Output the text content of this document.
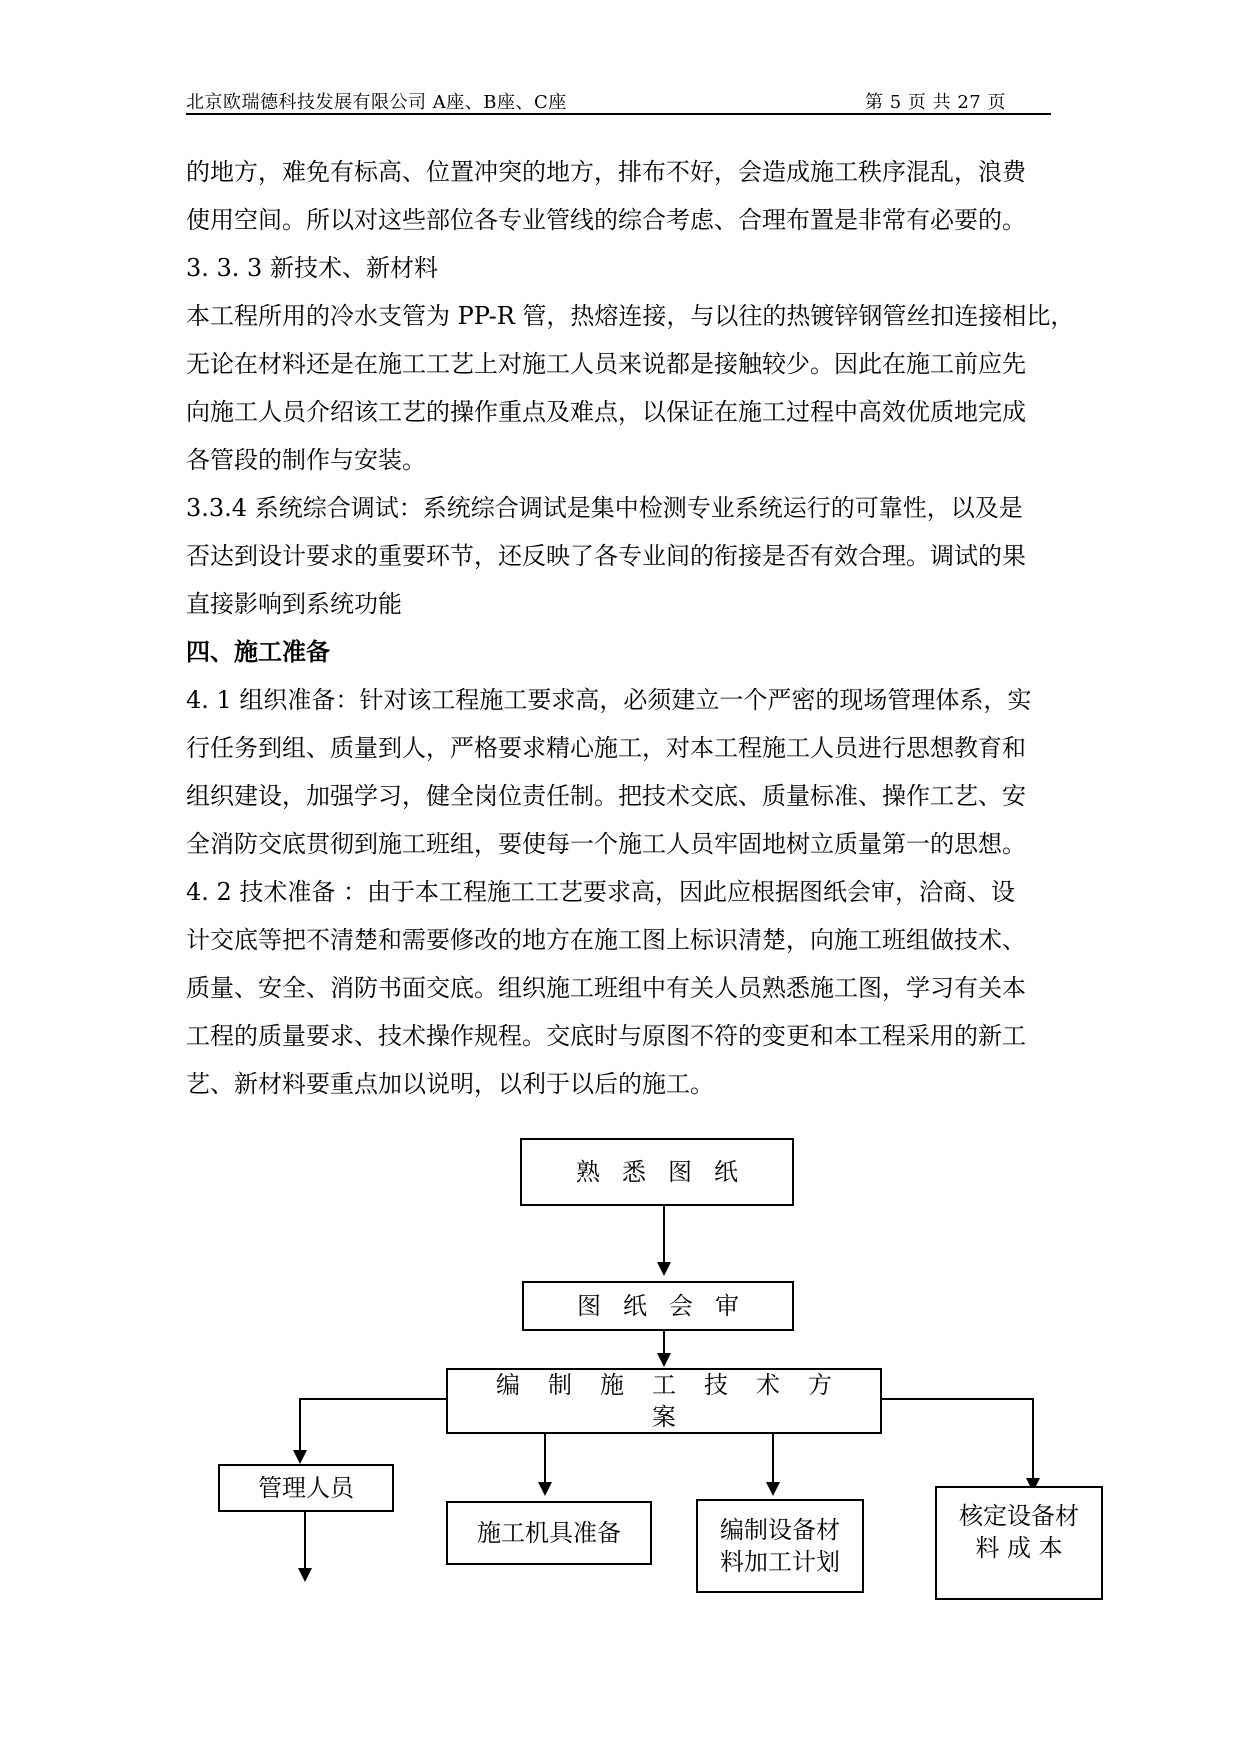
北京欧瑞德科技发展有限公司 A座、B座、C座	第 5 页 共 27 页
的地方，难免有标高、位置冲突的地方，排布不好，会造成施工秩序混乱，浪费
使用空间。所以对这些部位各专业管线的综合考虑、合理布置是非常有必要的。
3. 3. 3 新技术、新材料
本工程所用的冷水支管为 PP-R 管，热熔连接，与以往的热镀锌钢管丝扣连接相比，
无论在材料还是在施工工艺上对施工人员来说都是接触较少。因此在施工前应先
向施工人员介绍该工艺的操作重点及难点，以保证在施工过程中高效优质地完成
各管段的制作与安装。
3.3.4 系统综合调试：系统综合调试是集中检测专业系统运行的可靠性，以及是
否达到设计要求的重要环节，还反映了各专业间的衔接是否有效合理。调试的果
直接影响到系统功能
四、施工准备
4. 1 组织准备：针对该工程施工要求高，必须建立一个严密的现场管理体系，实
行任务到组、质量到人，严格要求精心施工，对本工程施工人员进行思想教育和
组织建设，加强学习，健全岗位责任制。把技术交底、质量标准、操作工艺、安
全消防交底贯彻到施工班组，要使每一个施工人员牢固地树立质量第一的思想。
4. 2 技术准备 ：由于本工程施工工艺要求高，因此应根据图纸会审，洽商、设
计交底等把不清楚和需要修改的地方在施工图上标识清楚，向施工班组做技术、
质量、安全、消防书面交底。组织施工班组中有关人员熟悉施工图，学习有关本
工程的质量要求、技术操作规程。交底时与原图不符的变更和本工程采用的新工
艺、新材料要重点加以说明，以利于以后的施工。
熟悉图纸
图纸会审
编制施工技术方案
管理人员
施工机具准备	编制设备材
料加工计划
核定设备材
料 成 本
